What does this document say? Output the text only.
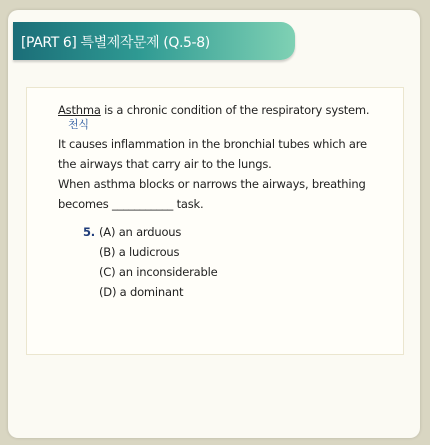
[PART 6] 특별제작문제 (Q.5-8)
Asthma is a chronic condition of the respiratory system.
천식
It causes inflammation in the bronchial tubes which are
the airways that carry air to the lungs.
When asthma blocks or narrows the airways, breathing
becomes ___________ task.
5. (A) an arduous
(B) a ludicrous
(C) an inconsiderable
(D) a dominant
